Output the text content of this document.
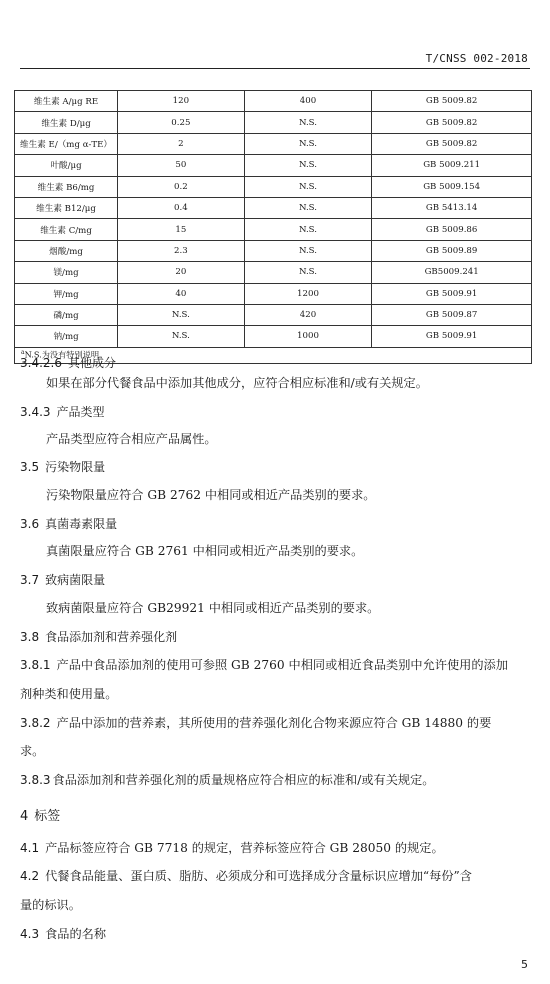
T/CNSS 002-2018
维生素 A/μg RE	120	400	GB 5009.82
维生素 D/μg	0.25	N.S.	GB 5009.82
维生素 E/（mg α-TE）	2	N.S.	GB 5009.82
叶酸/μg	50	N.S.	GB 5009.211
维生素 B6/mg	0.2	N.S.	GB 5009.154
维生素 B12/μg	0.4	N.S.	GB 5413.14
维生素 C/mg	15	N.S.	GB 5009.86
烟酸/mg	2.3	N.S.	GB 5009.89
镁/mg	20	N.S.	GB5009.241
钾/mg	40	1200	GB 5009.91
磷/mg	N.S.	420	GB 5009.87
钠/mg	N.S.	1000	GB 5009.91
$^a$N.S.为没有特别说明。			
3.4.2.6 其他成分
如果在部分代餐食品中添加其他成分，应符合相应标准和/或有关规定。
3.4.3 产品类型
产品类型应符合相应产品属性。
3.5 污染物限量
污染物限量应符合 GB 2762 中相同或相近产品类别的要求。
3.6 真菌毒素限量
真菌限量应符合 GB 2761 中相同或相近产品类别的要求。
3.7 致病菌限量
致病菌限量应符合 GB29921 中相同或相近产品类别的要求。
3.8 食品添加剂和营养强化剂
3.8.1 产品中食品添加剂的使用可参照 GB 2760 中相同或相近食品类别中允许使用的添加
剂种类和使用量。
3.8.2 产品中添加的营养素，其所使用的营养强化剂化合物来源应符合 GB 14880 的要
求。
3.8.3 食品添加剂和营养强化剂的质量规格应符合相应的标准和/或有关规定。
4 标签
4.1 产品标签应符合 GB 7718 的规定，营养标签应符合 GB 28050 的规定。
4.2 代餐食品能量、蛋白质、脂肪、必须成分和可选择成分含量标识应增加“每份”含
量的标识。
4.3 食品的名称
5
